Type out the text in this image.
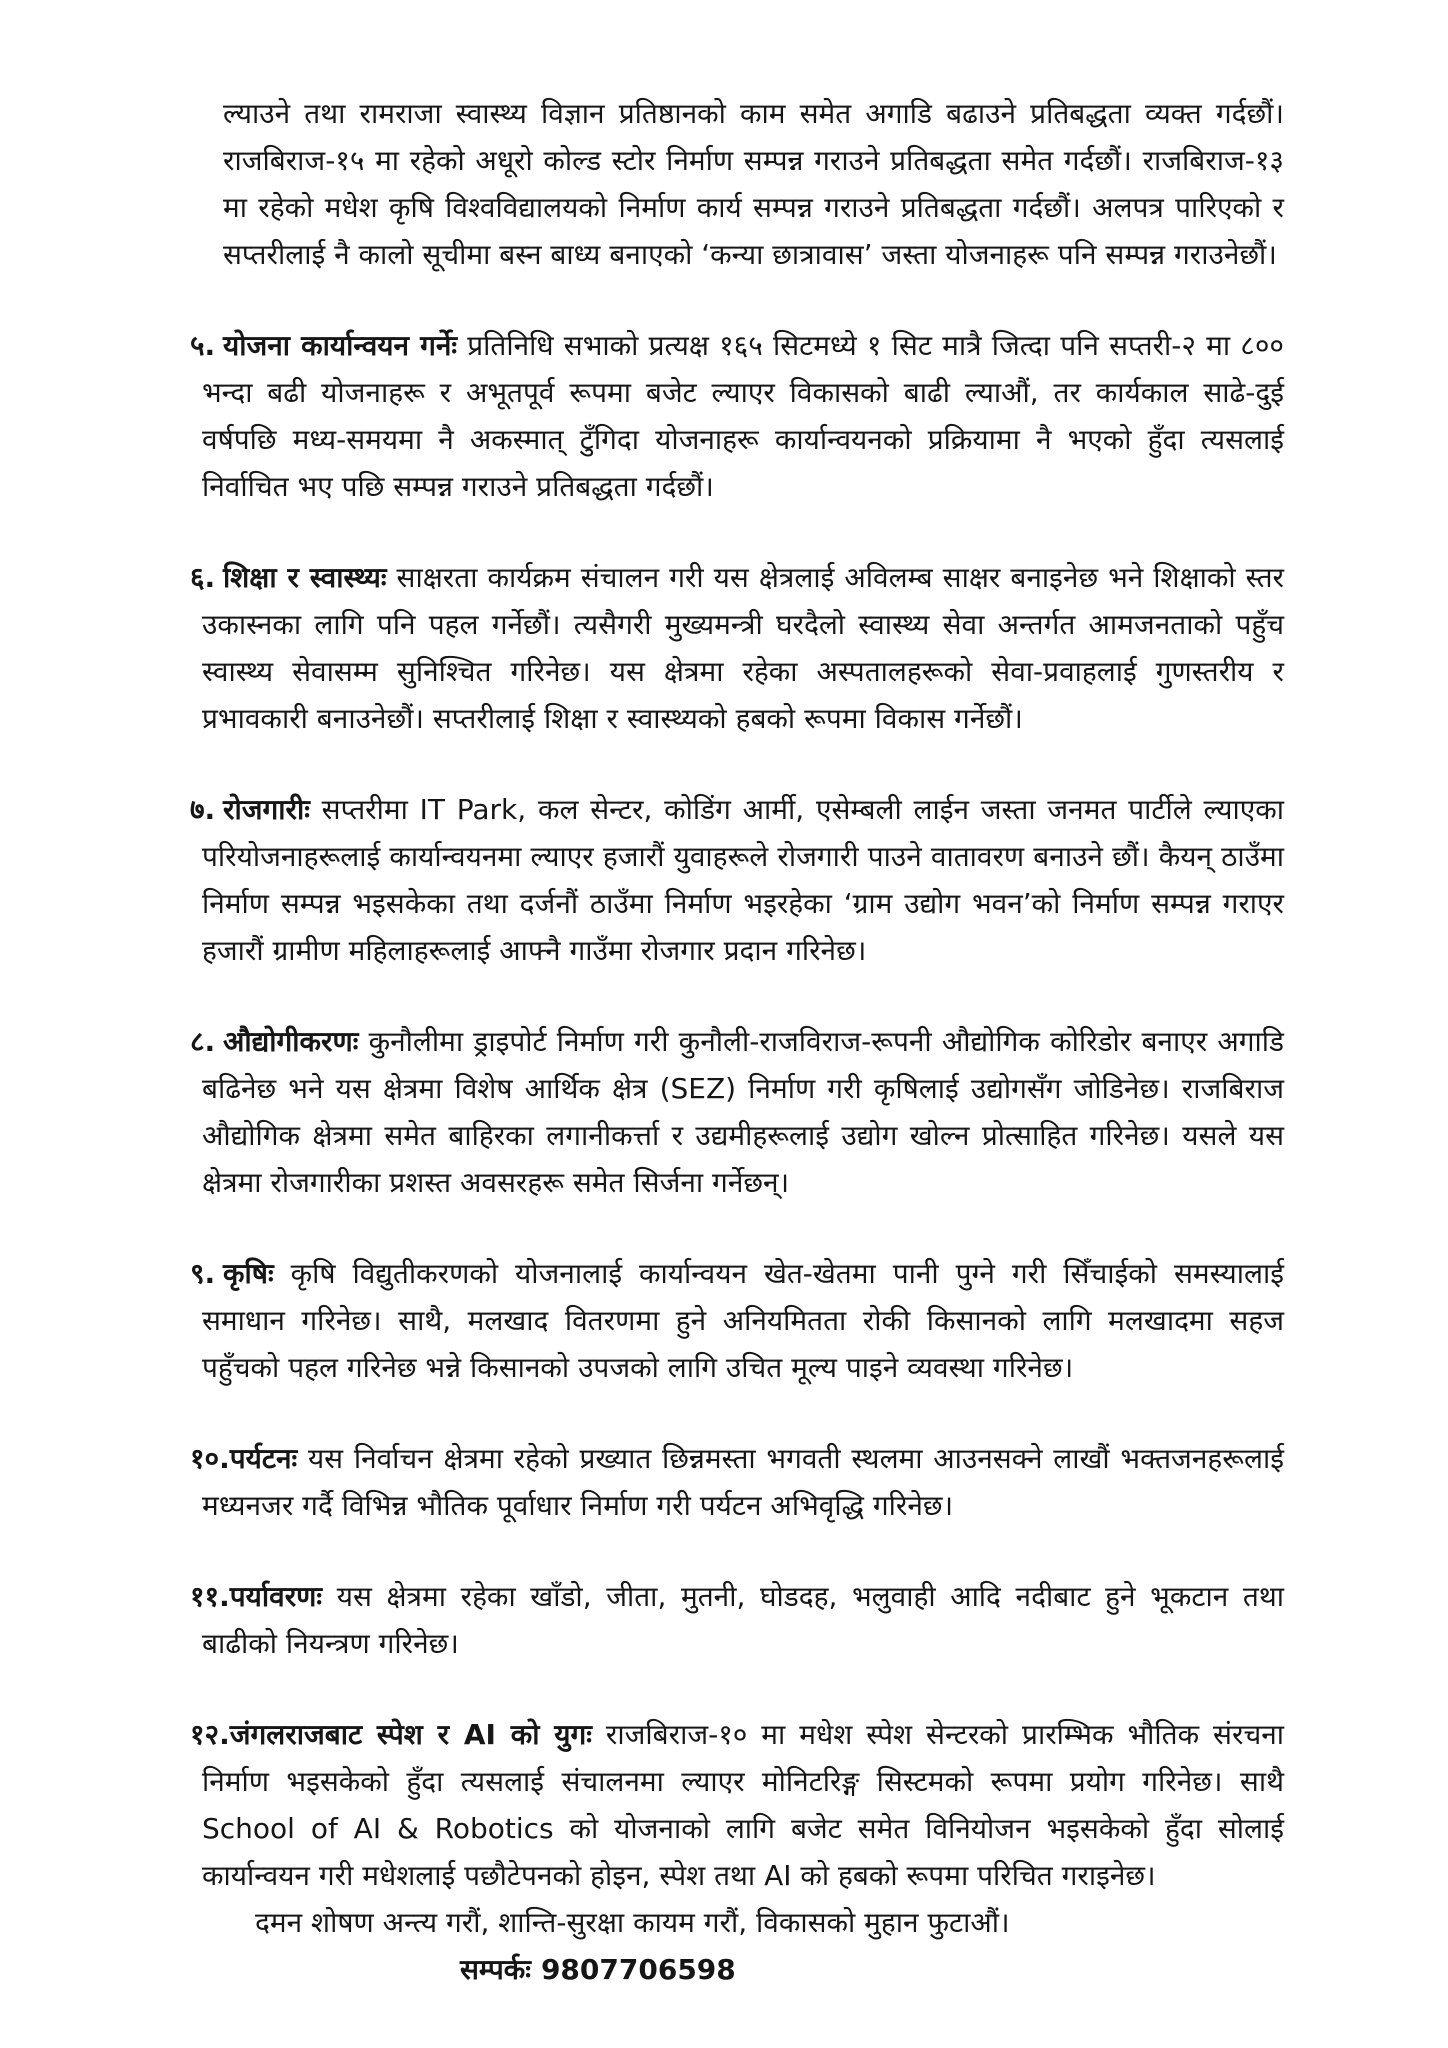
ल्याउने तथा रामराजा स्वास्थ्य विज्ञान प्रतिष्ठानको काम समेत अगाडि बढाउने प्रतिबद्धता व्यक्त गर्दछौं। राजबिराज-१५ मा रहेको अधूरो कोल्ड स्टोर निर्माण सम्पन्न गराउने प्रतिबद्धता समेत गर्दछौं। राजबिराज-१३ मा रहेको मधेश कृषि विश्वविद्यालयको निर्माण कार्य सम्पन्न गराउने प्रतिबद्धता गर्दछौं। अलपत्र पारिएको र सप्तरीलाई नै कालो सूचीमा बस्न बाध्य बनाएको ‘कन्या छात्रावास’ जस्ता योजनाहरू पनि सम्पन्न गराउनेछौं।

५. योजना कार्यान्वयन गर्नेः प्रतिनिधि सभाको प्रत्यक्ष १६५ सिटमध्ये १ सिट मात्रै जित्दा पनि सप्तरी-२ मा ८०० भन्दा बढी योजनाहरू र अभूतपूर्व रूपमा बजेट ल्याएर विकासको बाढी ल्याऔं, तर कार्यकाल साढे-दुई वर्षपछि मध्य-समयमा नै अकस्मात् टुँगिदा योजनाहरू कार्यान्वयनको प्रक्रियामा नै भएको हुँदा त्यसलाई निर्वाचित भए पछि सम्पन्न गराउने प्रतिबद्धता गर्दछौं।

६. शिक्षा र स्वास्थ्यः साक्षरता कार्यक्रम संचालन गरी यस क्षेत्रलाई अविलम्ब साक्षर बनाइनेछ भने शिक्षाको स्तर उकास्नका लागि पनि पहल गर्नेछौं। त्यसैगरी मुख्यमन्त्री घरदैलो स्वास्थ्य सेवा अन्तर्गत आमजनताको पहुँच स्वास्थ्य सेवासम्म सुनिश्चित गरिनेछ। यस क्षेत्रमा रहेका अस्पतालहरूको सेवा-प्रवाहलाई गुणस्तरीय र प्रभावकारी बनाउनेछौं। सप्तरीलाई शिक्षा र स्वास्थ्यको हबको रूपमा विकास गर्नेछौं।

७. रोजगारीः सप्तरीमा IT Park, कल सेन्टर, कोडिंग आर्मी, एसेम्बली लाईन जस्ता जनमत पार्टीले ल्याएका परियोजनाहरूलाई कार्यान्वयनमा ल्याएर हजारौं युवाहरूले रोजगारी पाउने वातावरण बनाउने छौं। कैयन् ठाउँमा निर्माण सम्पन्न भइसकेका तथा दर्जनौं ठाउँमा निर्माण भइरहेका ‘ग्राम उद्योग भवन’को निर्माण सम्पन्न गराएर हजारौं ग्रामीण महिलाहरूलाई आफ्नै गाउँमा रोजगार प्रदान गरिनेछ।

८. औद्योगीकरणः कुनौलीमा ड्राइपोर्ट निर्माण गरी कुनौली-राजविराज-रूपनी औद्योगिक कोरिडोर बनाएर अगाडि बढिनेछ भने यस क्षेत्रमा विशेष आर्थिक क्षेत्र (SEZ) निर्माण गरी कृषिलाई उद्योगसँग जोडिनेछ। राजबिराज औद्योगिक क्षेत्रमा समेत बाहिरका लगानीकर्त्ता र उद्यमीहरूलाई उद्योग खोल्न प्रोत्साहित गरिनेछ। यसले यस क्षेत्रमा रोजगारीका प्रशस्त अवसरहरू समेत सिर्जना गर्नेछन्।

९. कृषिः कृषि विद्युतीकरणको योजनालाई कार्यान्वयन खेत-खेतमा पानी पुग्ने गरी सिँचाईको समस्यालाई समाधान गरिनेछ। साथै, मलखाद वितरणमा हुने अनियमितता रोकी किसानको लागि मलखादमा सहज पहुँचको पहल गरिनेछ भन्ने किसानको उपजको लागि उचित मूल्य पाइने व्यवस्था गरिनेछ।

१०.पर्यटनः यस निर्वाचन क्षेत्रमा रहेको प्रख्यात छिन्नमस्ता भगवती स्थलमा आउनसक्ने लाखौं भक्तजनहरूलाई मध्यनजर गर्दै विभिन्न भौतिक पूर्वाधार निर्माण गरी पर्यटन अभिवृद्धि गरिनेछ।

११.पर्यावरणः यस क्षेत्रमा रहेका खाँडो, जीता, मुतनी, घोडदह, भलुवाही आदि नदीबाट हुने भूकटान तथा बाढीको नियन्त्रण गरिनेछ।

१२.जंगलराजबाट स्पेश र AI को युगः राजबिराज-१० मा मधेश स्पेश सेन्टरको प्रारम्भिक भौतिक संरचना निर्माण भइसकेको हुँदा त्यसलाई संचालनमा ल्याएर मोनिटरिङ्ग सिस्टमको रूपमा प्रयोग गरिनेछ। साथै School of AI & Robotics को योजनाको लागि बजेट समेत विनियोजन भइसकेको हुँदा सोलाई कार्यान्वयन गरी मधेशलाई पछौटेपनको होइन, स्पेश तथा AI को हबको रूपमा परिचित गराइनेछ।

दमन शोषण अन्त्य गरौं, शान्ति-सुरक्षा कायम गरौं, विकासको मुहान फुटाऔं।

सम्पर्कः 9807706598
